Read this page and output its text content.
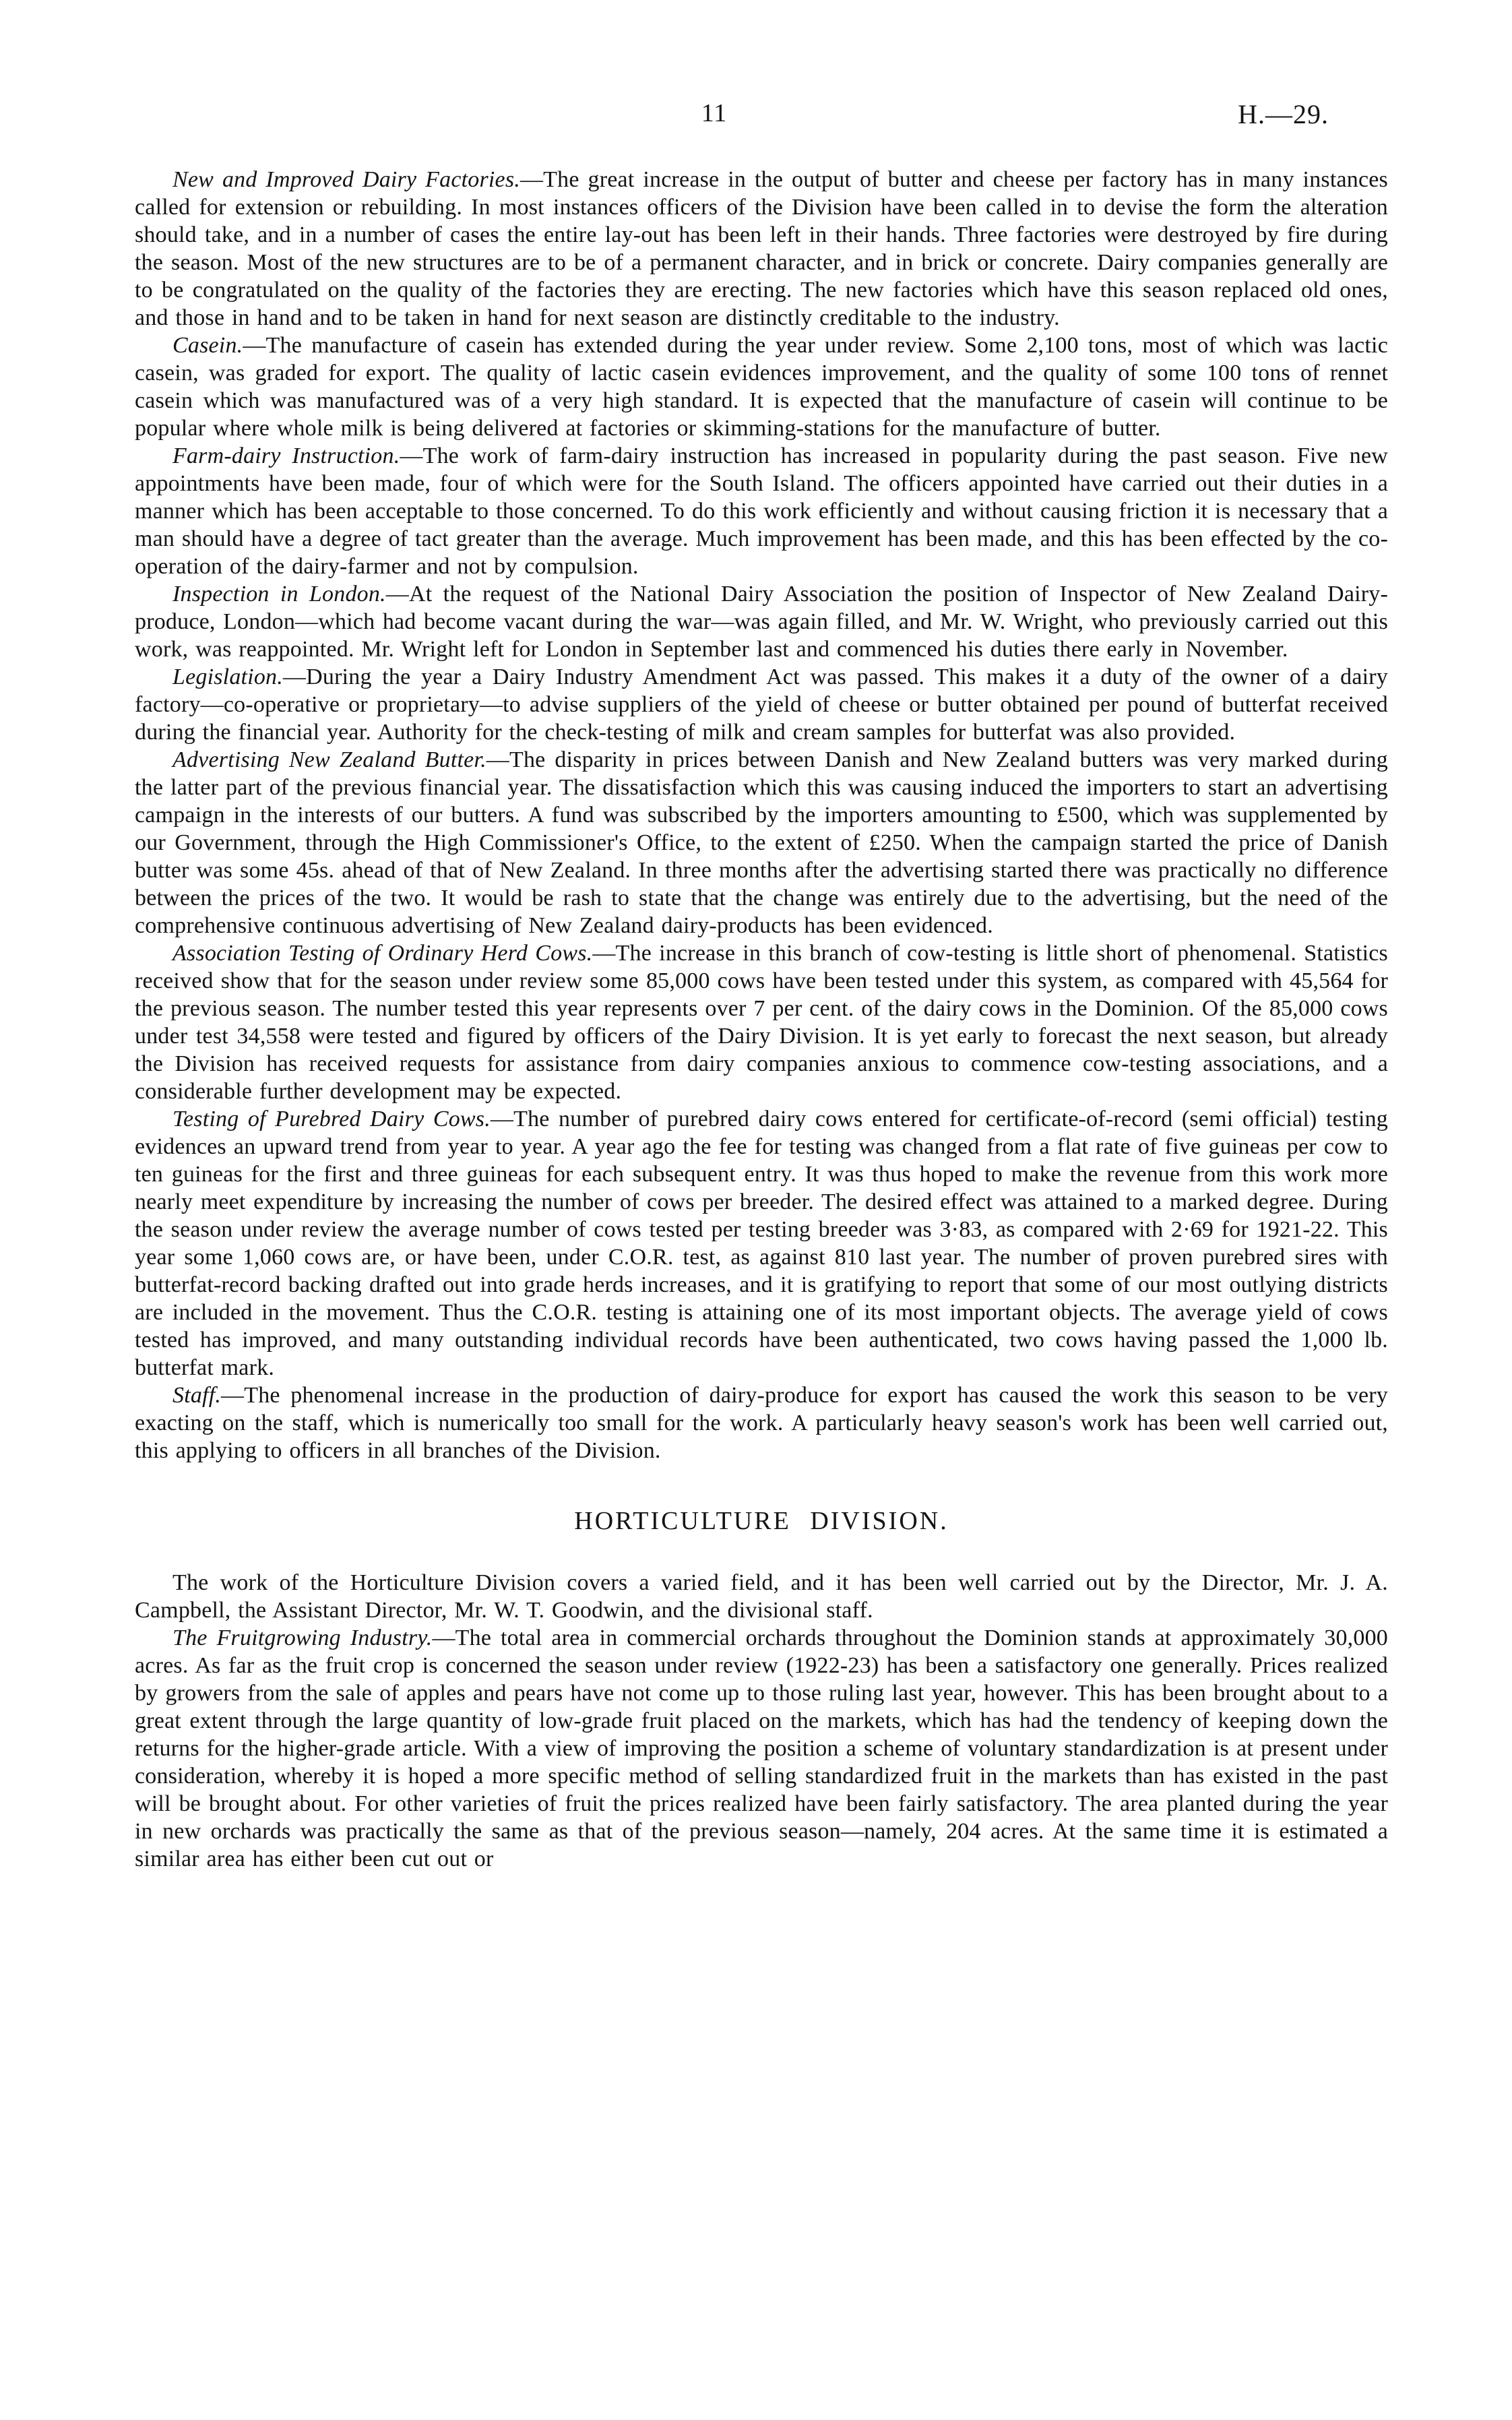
11	H.—29.

New and Improved Dairy Factories.—The great increase in the output of butter and cheese per factory has in many instances called for extension or rebuilding. In most instances officers of the Division have been called in to devise the form the alteration should take, and in a number of cases the entire lay-out has been left in their hands. Three factories were destroyed by fire during the season. Most of the new structures are to be of a permanent character, and in brick or concrete. Dairy companies generally are to be congratulated on the quality of the factories they are erecting. The new factories which have this season replaced old ones, and those in hand and to be taken in hand for next season are distinctly creditable to the industry.

Casein.—The manufacture of casein has extended during the year under review. Some 2,100 tons, most of which was lactic casein, was graded for export. The quality of lactic casein evidences improvement, and the quality of some 100 tons of rennet casein which was manufactured was of a very high standard. It is expected that the manufacture of casein will continue to be popular where whole milk is being delivered at factories or skimming-stations for the manufacture of butter.

Farm-dairy Instruction.—The work of farm-dairy instruction has increased in popularity during the past season. Five new appointments have been made, four of which were for the South Island. The officers appointed have carried out their duties in a manner which has been acceptable to those concerned. To do this work efficiently and without causing friction it is necessary that a man should have a degree of tact greater than the average. Much improvement has been made, and this has been effected by the co-operation of the dairy-farmer and not by compulsion.

Inspection in London.—At the request of the National Dairy Association the position of Inspector of New Zealand Dairy-produce, London—which had become vacant during the war—was again filled, and Mr. W. Wright, who previously carried out this work, was reappointed. Mr. Wright left for London in September last and commenced his duties there early in November.

Legislation.—During the year a Dairy Industry Amendment Act was passed. This makes it a duty of the owner of a dairy factory—co-operative or proprietary—to advise suppliers of the yield of cheese or butter obtained per pound of butterfat received during the financial year. Authority for the check-testing of milk and cream samples for butterfat was also provided.

Advertising New Zealand Butter.—The disparity in prices between Danish and New Zealand butters was very marked during the latter part of the previous financial year. The dissatisfaction which this was causing induced the importers to start an advertising campaign in the interests of our butters. A fund was subscribed by the importers amounting to £500, which was supplemented by our Government, through the High Commissioner's Office, to the extent of £250. When the campaign started the price of Danish butter was some 45s. ahead of that of New Zealand. In three months after the advertising started there was practically no difference between the prices of the two. It would be rash to state that the change was entirely due to the advertising, but the need of the comprehensive continuous advertising of New Zealand dairy-products has been evidenced.

Association Testing of Ordinary Herd Cows.—The increase in this branch of cow-testing is little short of phenomenal. Statistics received show that for the season under review some 85,000 cows have been tested under this system, as compared with 45,564 for the previous season. The number tested this year represents over 7 per cent. of the dairy cows in the Dominion. Of the 85,000 cows under test 34,558 were tested and figured by officers of the Dairy Division. It is yet early to forecast the next season, but already the Division has received requests for assistance from dairy companies anxious to commence cow-testing associations, and a considerable further development may be expected.

Testing of Purebred Dairy Cows.—The number of purebred dairy cows entered for certificate-of-record (semi official) testing evidences an upward trend from year to year. A year ago the fee for testing was changed from a flat rate of five guineas per cow to ten guineas for the first and three guineas for each subsequent entry. It was thus hoped to make the revenue from this work more nearly meet expenditure by increasing the number of cows per breeder. The desired effect was attained to a marked degree. During the season under review the average number of cows tested per testing breeder was 3·83, as compared with 2·69 for 1921-22. This year some 1,060 cows are, or have been, under C.O.R. test, as against 810 last year. The number of proven purebred sires with butterfat-record backing drafted out into grade herds increases, and it is gratifying to report that some of our most outlying districts are included in the movement. Thus the C.O.R. testing is attaining one of its most important objects. The average yield of cows tested has improved, and many outstanding individual records have been authenticated, two cows having passed the 1,000 lb. butterfat mark.

Staff.—The phenomenal increase in the production of dairy-produce for export has caused the work this season to be very exacting on the staff, which is numerically too small for the work. A particularly heavy season's work has been well carried out, this applying to officers in all branches of the Division.

HORTICULTURE DIVISION.

The work of the Horticulture Division covers a varied field, and it has been well carried out by the Director, Mr. J. A. Campbell, the Assistant Director, Mr. W. T. Goodwin, and the divisional staff.

The Fruitgrowing Industry.—The total area in commercial orchards throughout the Dominion stands at approximately 30,000 acres. As far as the fruit crop is concerned the season under review (1922-23) has been a satisfactory one generally. Prices realized by growers from the sale of apples and pears have not come up to those ruling last year, however. This has been brought about to a great extent through the large quantity of low-grade fruit placed on the markets, which has had the tendency of keeping down the returns for the higher-grade article. With a view of improving the position a scheme of voluntary standardization is at present under consideration, whereby it is hoped a more specific method of selling standardized fruit in the markets than has existed in the past will be brought about. For other varieties of fruit the prices realized have been fairly satisfactory. The area planted during the year in new orchards was practically the same as that of the previous season—namely, 204 acres. At the same time it is estimated a similar area has either been cut out or
